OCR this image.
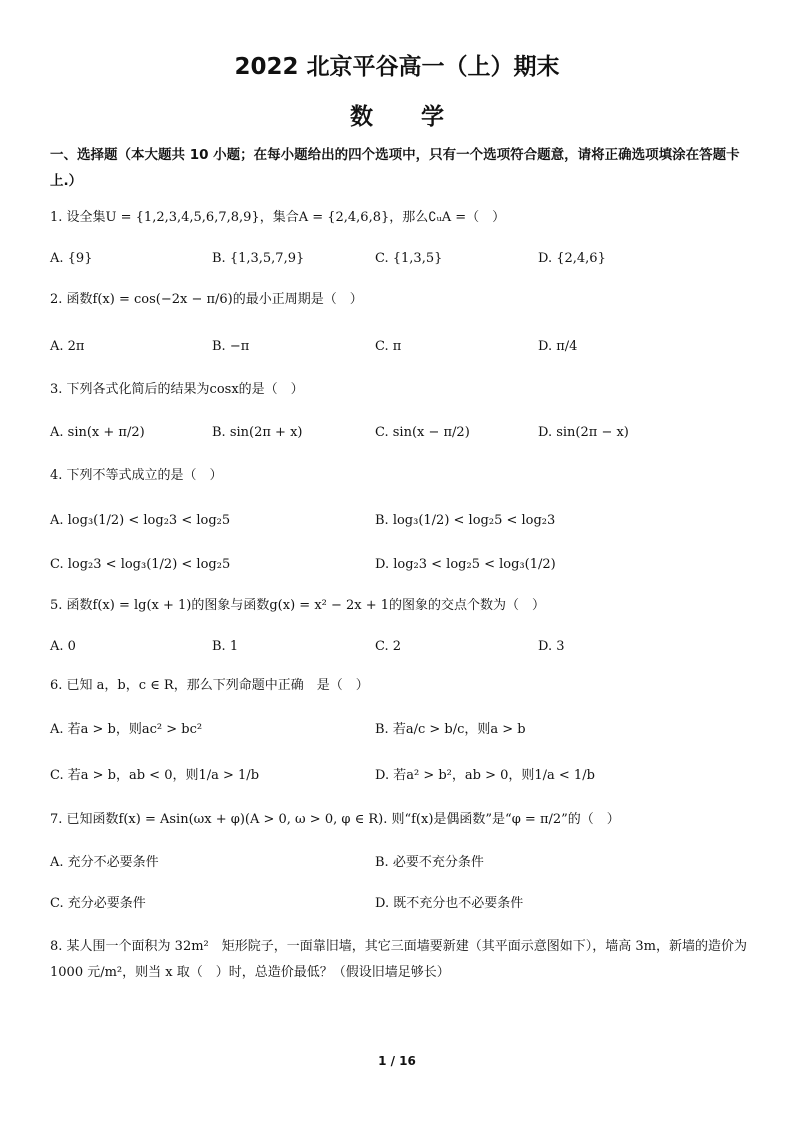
2022 北京平谷高一（上）期末
数学
一、选择题（本大题共 10 小题；在每小题给出的四个选项中，只有一个选项符合题意，请将正确选项填涂在答题卡上.）
1. 设全集U = {1,2,3,4,5,6,7,8,9}，集合A = {2,4,6,8}，那么∁ᵤA =（　）
A. {9}	B. {1,3,5,7,9}	C. {1,3,5}	D. {2,4,6}
2. 函数f(x) = cos(−2x − π/6)的最小正周期是（　）
A. 2π	B. −π	C. π	D. π/4
3. 下列各式化简后的结果为cosx的是（　）
A. sin(x + π/2)	B. sin(2π + x)	C. sin(x − π/2)	D. sin(2π − x)
4. 下列不等式成立的是（　）
A. log₃(1/2) < log₂3 < log₂5	B. log₃(1/2) < log₂5 < log₂3
C. log₂3 < log₃(1/2) < log₂5	D. log₂3 < log₂5 < log₃(1/2)
5. 函数f(x) = lg(x + 1)的图象与函数g(x) = x² − 2x + 1的图象的交点个数为（　）
A. 0	B. 1	C. 2	D. 3
6. 已知 a，b，c ∈ R，那么下列命题中正确　是（　）
A. 若a > b，则ac² > bc²	B. 若a/c > b/c，则a > b
C. 若a > b，ab < 0，则1/a > 1/b	D. 若a² > b²，ab > 0，则1/a < 1/b
7. 已知函数f(x) = Asin(ωx + φ)(A > 0, ω > 0, φ ∈ R). 则“f(x)是偶函数”是“φ = π/2”的（　）
A. 充分不必要条件	B. 必要不充分条件
C. 充分必要条件	D. 既不充分也不必要条件
8. 某人围一个面积为 32m²　矩形院子，一面靠旧墙，其它三面墙要新建（其平面示意图如下），墙高 3m，新墙的造价为 1000 元/m²，则当 x 取（　）时，总造价最低？（假设旧墙足够长）
1 / 16
